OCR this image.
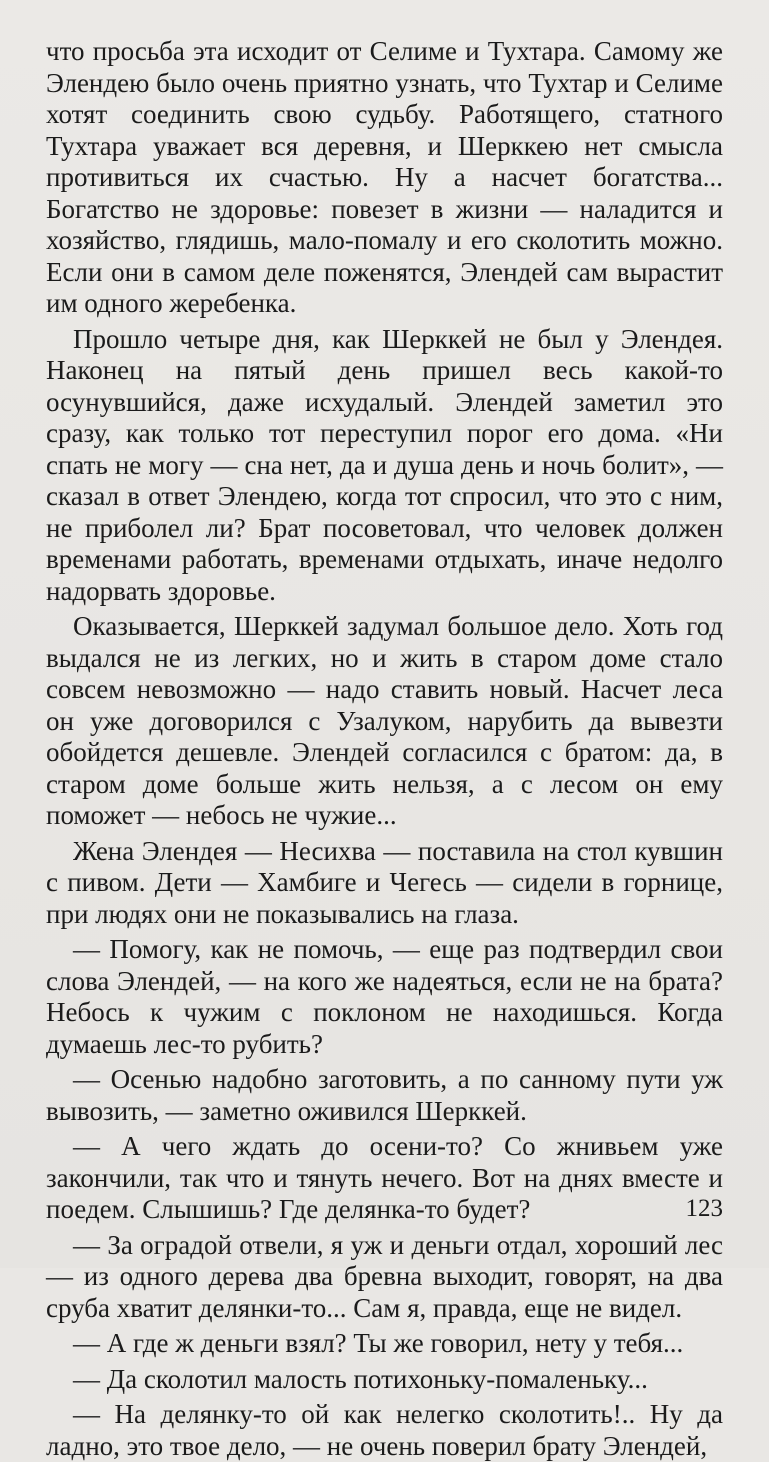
что просьба эта исходит от Селиме и Тухтара. Самому же Элендею было очень приятно узнать, что Тухтар и Селиме хотят соединить свою судьбу. Работящего, статного Тухтара уважает вся деревня, и Шерккею нет смысла противиться их счастью. Ну а насчет богатства... Богатство не здоровье: повезет в жизни — наладится и хозяйство, глядишь, мало-помалу и его сколотить можно. Если они в самом деле поженятся, Элендей сам вырастит им одного жеребенка.

Прошло четыре дня, как Шерккей не был у Элендея. Наконец на пятый день пришел весь какой-то осунувшийся, даже исхудалый. Элендей заметил это сразу, как только тот переступил порог его дома. «Ни спать не могу — сна нет, да и душа день и ночь болит», — сказал в ответ Элендею, когда тот спросил, что это с ним, не приболел ли? Брат посоветовал, что человек должен временами работать, временами отдыхать, иначе недолго надорвать здоровье.

Оказывается, Шерккей задумал большое дело. Хоть год выдался не из легких, но и жить в старом доме стало совсем невозможно — надо ставить новый. Насчет леса он уже договорился с Узалуком, нарубить да вывезти обойдется дешевле. Элендей согласился с братом: да, в старом доме больше жить нельзя, а с лесом он ему поможет — небось не чужие...

Жена Элендея — Несихва — поставила на стол кувшин с пивом. Дети — Хамбиге и Чегесь — сидели в горнице, при людях они не показывались на глаза.

— Помогу, как не помочь, — еще раз подтвердил свои слова Элендей, — на кого же надеяться, если не на брата? Небось к чужим с поклоном не находишься. Когда думаешь лес-то рубить?

— Осенью надобно заготовить, а по санному пути уж вывозить, — заметно оживился Шерккей.

— А чего ждать до осени-то? Со жнивьем уже закончили, так что и тянуть нечего. Вот на днях вместе и поедем. Слышишь? Где делянка-то будет?

— За оградой отвели, я уж и деньги отдал, хороший лес — из одного дерева два бревна выходит, говорят, на два сруба хватит делянки-то... Сам я, правда, еще не видел.

— А где ж деньги взял? Ты же говорил, нету у тебя...

— Да сколотил малость потихоньку-помаленьку...

— На делянку-то ой как нелегко сколотить!.. Ну да ладно, это твое дело, — не очень поверил брату Элендей,

123
